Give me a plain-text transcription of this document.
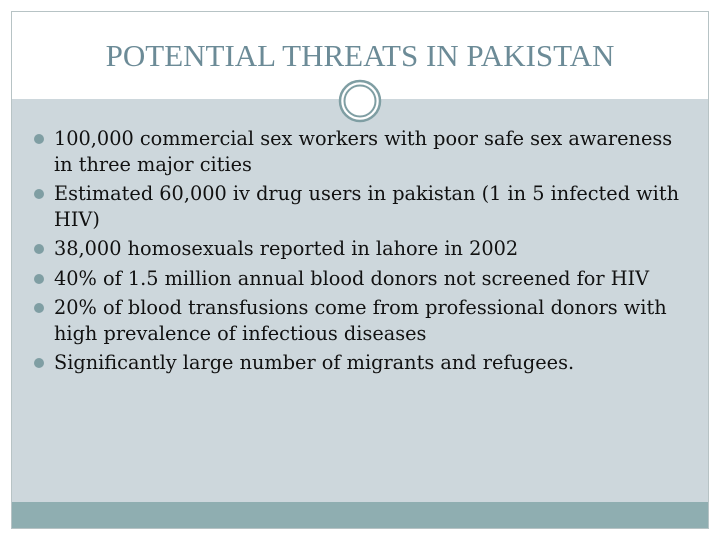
POTENTIAL THREATS IN PAKISTAN
100,000 commercial sex workers with poor safe sex awareness in three major cities
Estimated 60,000 iv drug users in pakistan (1 in 5 infected with HIV)
38,000 homosexuals reported in lahore in 2002
40% of 1.5 million annual blood donors not screened for HIV
20% of blood transfusions come from professional donors with high prevalence of infectious diseases
Significantly large number of migrants and refugees.
